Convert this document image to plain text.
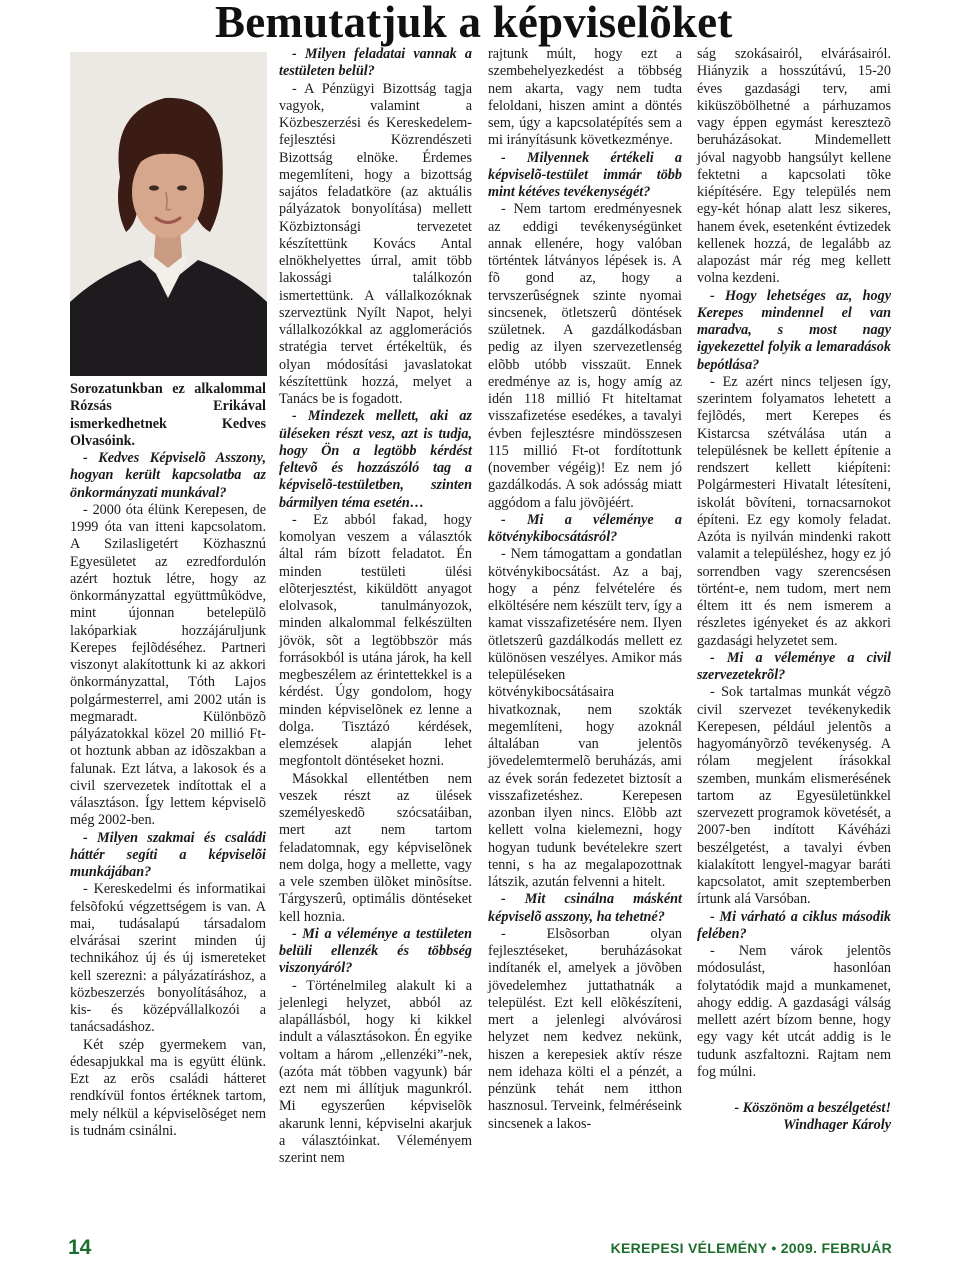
Bemutatjuk a képviselõket

Sorozatunkban ez alkalommal Rózsás Erikával ismerkedhetnek Kedves Olvasóink.

- Kedves Képviselõ Asszony, hogyan került kapcsolatba az önkormányzati munkával?

- 2000 óta élünk Kerepesen, de 1999 óta van itteni kapcsolatom. A Szilasligetért Közhasznú Egyesületet az ezredfordulón azért hoztuk létre, hogy az önkormányzattal együttmûködve, mint újonnan betelepülõ lakóparkiak hozzájáruljunk Kerepes fejlõdéséhez. Partneri viszonyt alakítottunk ki az akkori önkormányzattal, Tóth Lajos polgármesterrel, ami 2002 után is megmaradt. Különbözõ pályázatokkal közel 20 millió Ft-ot hoztunk abban az idõszakban a falunak. Ezt látva, a lakosok és a civil szervezetek indítottak el a választáson. Így lettem képviselõ még 2002-ben.

- Milyen szakmai és családi háttér segíti a képviselõi munkájában?

- Kereskedelmi és informatikai felsõfokú végzettségem is van. A mai, tudásalapú társadalom elvárásai szerint minden új technikához új és új ismereteket kell szerezni: a pályázatíráshoz, a közbeszerzés bonyolításához, a kis- és középvállalkozói a tanácsadáshoz.

Két szép gyermekem van, édesapjukkal ma is együtt élünk. Ezt az erõs családi hátteret rendkívül fontos értéknek tartom, mely nélkül a képviselõséget nem is tudnám csinálni.

- Milyen feladatai vannak a testületen belül?

- A Pénzügyi Bizottság tagja vagyok, valamint a Közbeszerzési és Kereskedelem-fejlesztési Közrendészeti Bizottság elnöke. Érdemes megemlíteni, hogy a bizottság sajátos feladatköre (az aktuális pályázatok bonyolítása) mellett Közbiztonsági tervezetet készítettünk Kovács Antal elnökhelyettes úrral, amit több lakossági találkozón ismertettünk. A vállalkozóknak szerveztünk Nyílt Napot, helyi vállalkozókkal az agglomerációs stratégia tervet értékeltük, és olyan módosítási javaslatokat készítettünk hozzá, melyet a Tanács be is fogadott.

- Mindezek mellett, aki az üléseken részt vesz, azt is tudja, hogy Ön a legtöbb kérdést feltevõ és hozzászóló tag a képviselõ-testületben, szinten bármilyen téma esetén…

- Ez abból fakad, hogy komolyan veszem a választók által rám bízott feladatot. Én minden testületi ülési elõterjesztést, kiküldött anyagot elolvasok, tanulmányozok, minden alkalommal felkészülten jövök, sõt a legtöbbször más forrásokból is utána járok, ha kell megbeszélem az érintettekkel is a kérdést. Úgy gondolom, hogy minden képviselõnek ez lenne a dolga. Tisztázó kérdések, elemzések alapján lehet megfontolt döntéseket hozni.

Másokkal ellentétben nem veszek részt az ülések személyeskedõ szócsatáiban, mert azt nem tartom feladatomnak, egy képviselõnek nem dolga, hogy a mellette, vagy a vele szemben ülõket minõsítse. Tárgyszerû, optimális döntéseket kell hoznia.

- Mi a véleménye a testületen belüli ellenzék és többség viszonyáról?

- Történelmileg alakult ki a jelenlegi helyzet, abból az alapállásból, hogy ki kikkel indult a választásokon. Én egyike voltam a három „ellenzéki”-nek, (azóta mát többen vagyunk) bár ezt nem mi állítjuk magunkról. Mi egyszerûen képviselõk akarunk lenni, képviselni akarjuk a választóinkat. Véleményem szerint nem

rajtunk múlt, hogy ezt a szembehelyezkedést a többség nem akarta, vagy nem tudta feloldani, hiszen amint a döntés sem, úgy a kapcsolatépítés sem a mi irányításunk következménye.

- Milyennek értékeli a képviselõ-testület immár több mint kétéves tevékenységét?

- Nem tartom eredményesnek az eddigi tevékenységünket annak ellenére, hogy valóban történtek látványos lépések is. A fõ gond az, hogy a tervszerûségnek szinte nyomai sincsenek, ötletszerû döntések születnek. A gazdálkodásban pedig az ilyen szervezetlenség elõbb utóbb visszaüt. Ennek eredménye az is, hogy amíg az idén 118 millió Ft hiteltamat visszafizetése esedékes, a tavalyi évben fejlesztésre mindösszesen 115 millió Ft-ot fordítottunk (november végéig)! Ez nem jó gazdálkodás. A sok adósság miatt aggódom a falu jövõjéért.

- Mi a véleménye a kötvénykibocsátásról?

- Nem támogattam a gondatlan kötvénykibocsátást. Az a baj, hogy a pénz felvételére és elköltésére nem készült terv, így a kamat visszafizetésére nem. Ilyen ötletszerû gazdálkodás mellett ez különösen veszélyes. Amikor más településeken kötvénykibocsátásaira hivatkoznak, nem szokták megemlíteni, hogy azoknál általában van jelentõs jövedelemtermelõ beruházás, ami az évek során fedezetet biztosít a visszafizetéshez. Kerepesen azonban ilyen nincs. Elõbb azt kellett volna kielemezni, hogy hogyan tudunk bevételekre szert tenni, s ha az megalapozottnak látszik, azután felvenni a hitelt.

- Mit csinálna másként képviselõ asszony, ha tehetné?

- Elsõsorban olyan fejlesztéseket, beruházásokat indítanék el, amelyek a jövõben jövedelemhez juttathatnák a települést. Ezt kell elõkészíteni, mert a jelenlegi alvóvárosi helyzet nem kedvez nekünk, hiszen a kerepesiek aktív része nem idehaza költi el a pénzét, a pénzünk tehát nem itthon hasznosul. Terveink, felméréseink sincsenek a lakos-

ság szokásairól, elvárásairól. Hiányzik a hosszútávú, 15-20 éves gazdasági terv, ami kiküszöbölhetné a párhuzamos vagy éppen egymást keresztezõ beruházásokat. Mindemellett jóval nagyobb hangsúlyt kellene fektetni a kapcsolati tõke kiépítésére. Egy település nem egy-két hónap alatt lesz sikeres, hanem évek, esetenként évtizedek kellenek hozzá, de legalább az alapozást már rég meg kellett volna kezdeni.

- Hogy lehetséges az, hogy Kerepes mindennel el van maradva, s most nagy igyekezettel folyik a lemaradások bepótlása?

- Ez azért nincs teljesen így, szerintem folyamatos lehetett a fejlõdés, mert Kerepes és Kistarcsa szétválása után a településnek be kellett építenie a rendszert kellett kiépíteni: Polgármesteri Hivatalt létesíteni, iskolát bõvíteni, tornacsarnokot építeni. Ez egy komoly feladat. Azóta is nyilván mindenki rakott valamit a településhez, hogy ez jó sorrendben vagy szerencsésen történt-e, nem tudom, mert nem éltem itt és nem ismerem a részletes igényeket és az akkori gazdasági helyzetet sem.

- Mi a véleménye a civil szervezetekrõl?

- Sok tartalmas munkát végzõ civil szervezet tevékenykedik Kerepesen, például jelentõs a hagyományõrzõ tevékenység. A rólam megjelent írásokkal szemben, munkám elismerésének tartom az Egyesületünkkel szervezett programok követését, a 2007-ben indított Kávéházi beszélgetést, a tavalyi évben kialakított lengyel-magyar baráti kapcsolatot, amit szeptemberben írtunk alá Varsóban.

- Mi várható a ciklus második felében?

- Nem várok jelentõs módosulást, hasonlóan folytatódik majd a munkamenet, ahogy eddig. A gazdasági válság mellett azért bízom benne, hogy egy vagy két utcát addig is le tudunk aszfaltozni. Rajtam nem fog múlni.

- Köszönöm a beszélgetést!

Windhager Károly

14	KEREPESI VÉLEMÉNY • 2009. FEBRUÁR
